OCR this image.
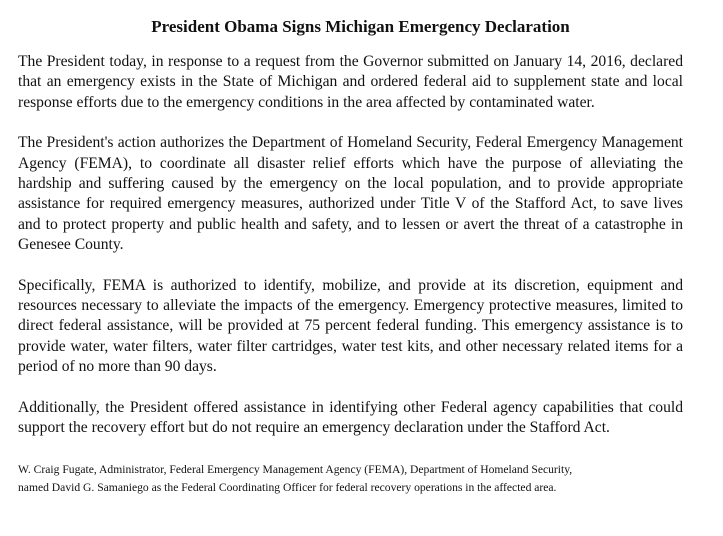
President Obama Signs Michigan Emergency Declaration

The President today, in response to a request from the Governor submitted on January 14, 2016, declared that an emergency exists in the State of Michigan and ordered federal aid to supplement state and local response efforts due to the emergency conditions in the area affected by contaminated water.

The President's action authorizes the Department of Homeland Security, Federal Emergency Management Agency (FEMA), to coordinate all disaster relief efforts which have the purpose of alleviating the hardship and suffering caused by the emergency on the local population, and to provide appropriate assistance for required emergency measures, authorized under Title V of the Stafford Act, to save lives and to protect property and public health and safety, and to lessen or avert the threat of a catastrophe in Genesee County.

Specifically, FEMA is authorized to identify, mobilize, and provide at its discretion, equipment and resources necessary to alleviate the impacts of the emergency. Emergency protective measures, limited to direct federal assistance, will be provided at 75 percent federal funding. This emergency assistance is to provide water, water filters, water filter cartridges, water test kits, and other necessary related items for a period of no more than 90 days.

Additionally, the President offered assistance in identifying other Federal agency capabilities that could support the recovery effort but do not require an emergency declaration under the Stafford Act.

W. Craig Fugate, Administrator, Federal Emergency Management Agency (FEMA), Department of Homeland Security,
named David G. Samaniego as the Federal Coordinating Officer for federal recovery operations in the affected area.
